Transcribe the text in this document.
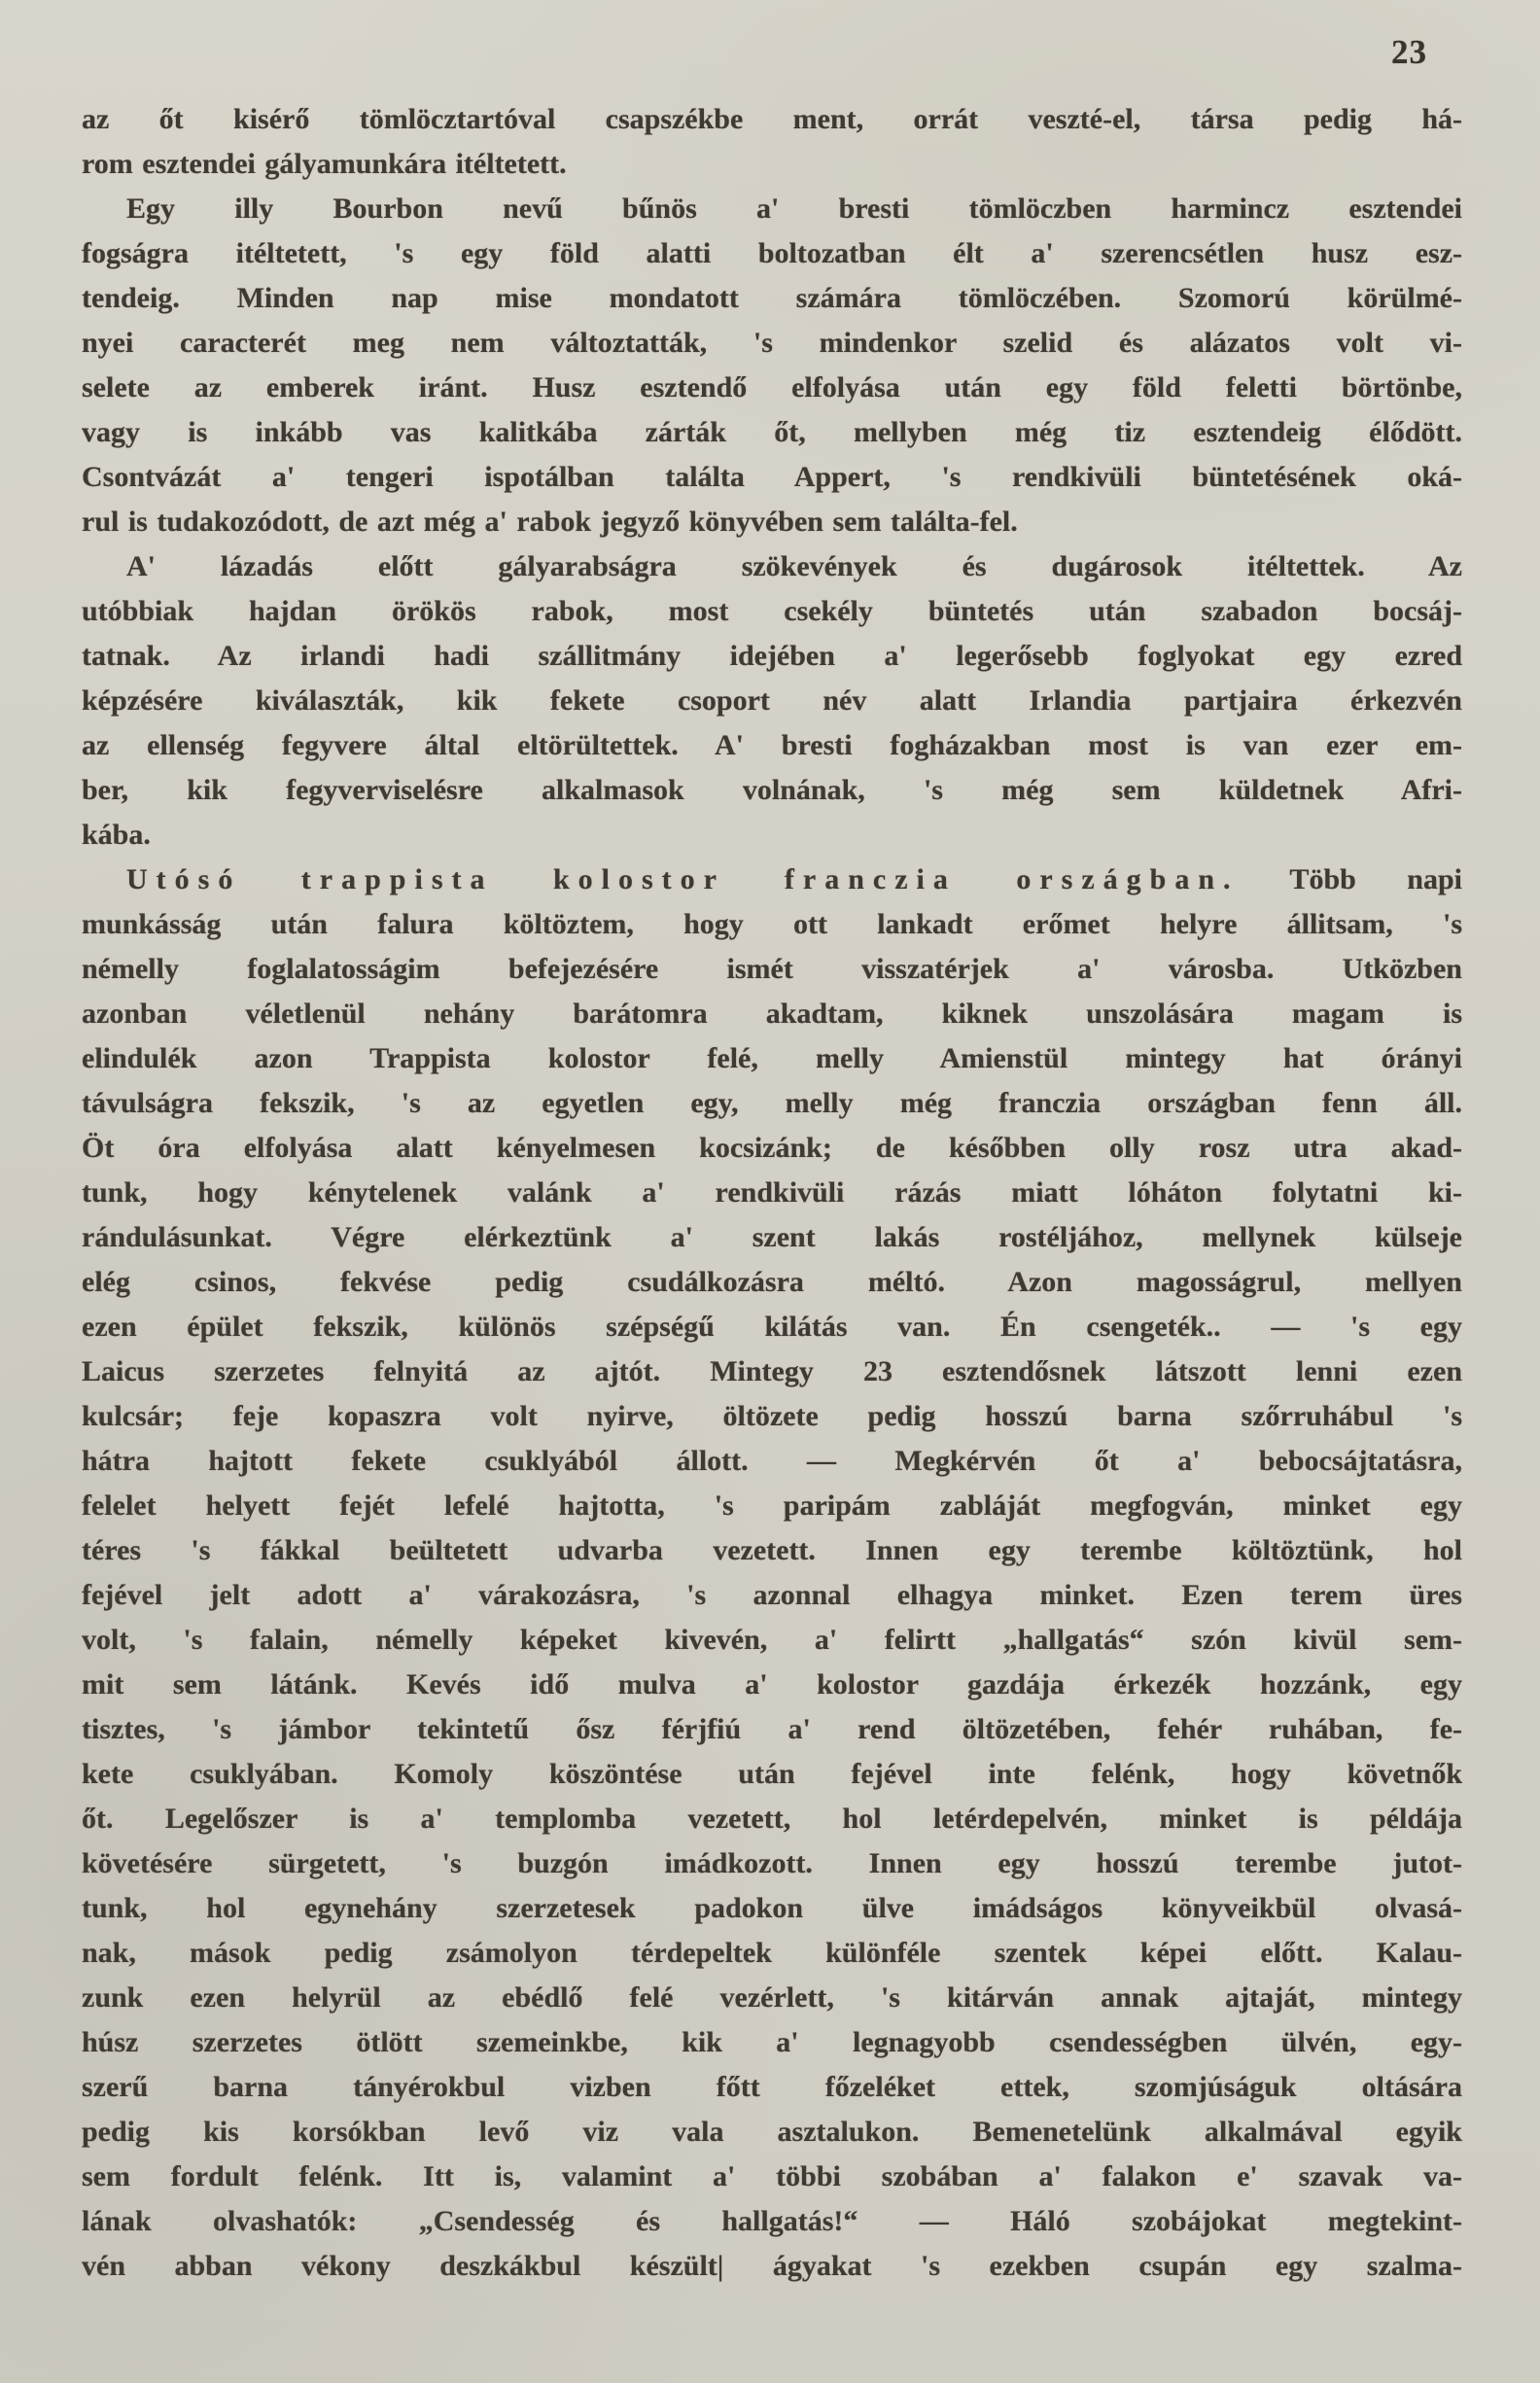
23
az őt kisérő tömlöcztartóval csapszékbe ment, orrát veszté-el, társa pedig há-
rom esztendei gályamunkára itéltetett.
Egy illy Bourbon nevű bűnös a' bresti tömlöczben harmincz esztendei
fogságra itéltetett, 's egy föld alatti boltozatban élt a' szerencsétlen husz esz-
tendeig. Minden nap mise mondatott számára tömlöczében. Szomorú körülmé-
nyei caracterét meg nem változtatták, 's mindenkor szelid és alázatos volt vi-
selete az emberek iránt. Husz esztendő elfolyása után egy föld feletti börtönbe,
vagy is inkább vas kalitkába zárták őt, mellyben még tiz esztendeig élődött.
Csontvázát a' tengeri ispotálban találta Appert, 's rendkivüli büntetésének oká-
rul is tudakozódott, de azt még a' rabok jegyző könyvében sem találta-fel.
A' lázadás előtt gályarabságra szökevények és dugárosok itéltettek. Az
utóbbiak hajdan örökös rabok, most csekély büntetés után szabadon bocsáj-
tatnak. Az irlandi hadi szállitmány idejében a' legerősebb foglyokat egy ezred
képzésére kiválaszták, kik fekete csoport név alatt Irlandia partjaira érkezvén
az ellenség fegyvere által eltörültettek. A' bresti fogházakban most is van ezer em-
ber, kik fegyverviselésre alkalmasok volnának, 's még sem küldetnek Afri-
kába.
Utósó trappista kolostor franczia országban. Több napi
munkásság után falura költöztem, hogy ott lankadt erőmet helyre állitsam, 's
némelly foglalatosságim befejezésére ismét visszatérjek a' városba. Utközben
azonban véletlenül nehány barátomra akadtam, kiknek unszolására magam is
elindulék azon Trappista kolostor felé, melly Amienstül mintegy hat órányi
távulságra fekszik, 's az egyetlen egy, melly még franczia országban fenn áll.
Öt óra elfolyása alatt kényelmesen kocsizánk; de későbben olly rosz utra akad-
tunk, hogy kénytelenek valánk a' rendkivüli rázás miatt lóháton folytatni ki-
rándulásunkat. Végre elérkeztünk a' szent lakás rostéljához, mellynek külseje
elég csinos, fekvése pedig csudálkozásra méltó. Azon magosságrul, mellyen
ezen épület fekszik, különös szépségű kilátás van. Én csengeték.. — 's egy
Laicus szerzetes felnyitá az ajtót. Mintegy 23 esztendősnek látszott lenni ezen
kulcsár; feje kopaszra volt nyirve, öltözete pedig hosszú barna szőrruhábul 's
hátra hajtott fekete csuklyából állott. — Megkérvén őt a' bebocsájtatásra,
felelet helyett fejét lefelé hajtotta, 's paripám zabláját megfogván, minket egy
téres 's fákkal beültetett udvarba vezetett. Innen egy terembe költöztünk, hol
fejével jelt adott a' várakozásra, 's azonnal elhagya minket. Ezen terem üres
volt, 's falain, némelly képeket kivevén, a' felirtt „hallgatás“ szón kivül sem-
mit sem látánk. Kevés idő mulva a' kolostor gazdája érkezék hozzánk, egy
tisztes, 's jámbor tekintetű ősz férjfiú a' rend öltözetében, fehér ruhában, fe-
kete csuklyában. Komoly köszöntése után fejével inte felénk, hogy követnők
őt. Legelőszer is a' templomba vezetett, hol letérdepelvén, minket is példája
követésére sürgetett, 's buzgón imádkozott. Innen egy hosszú terembe jutot-
tunk, hol egynehány szerzetesek padokon ülve imádságos könyveikbül olvasá-
nak, mások pedig zsámolyon térdepeltek különféle szentek képei előtt. Kalau-
zunk ezen helyrül az ebédlő felé vezérlett, 's kitárván annak ajtaját, mintegy
húsz szerzetes ötlött szemeinkbe, kik a' legnagyobb csendességben ülvén, egy-
szerű barna tányérokbul vizben főtt főzeléket ettek, szomjúságuk oltására
pedig kis korsókban levő viz vala asztalukon. Bemenetelünk alkalmával egyik
sem fordult felénk. Itt is, valamint a' többi szobában a' falakon e' szavak va-
lának olvashatók: „Csendesség és hallgatás!“ — Háló szobájokat megtekint-
vén abban vékony deszkákbul készült| ágyakat 's ezekben csupán egy szalma-
